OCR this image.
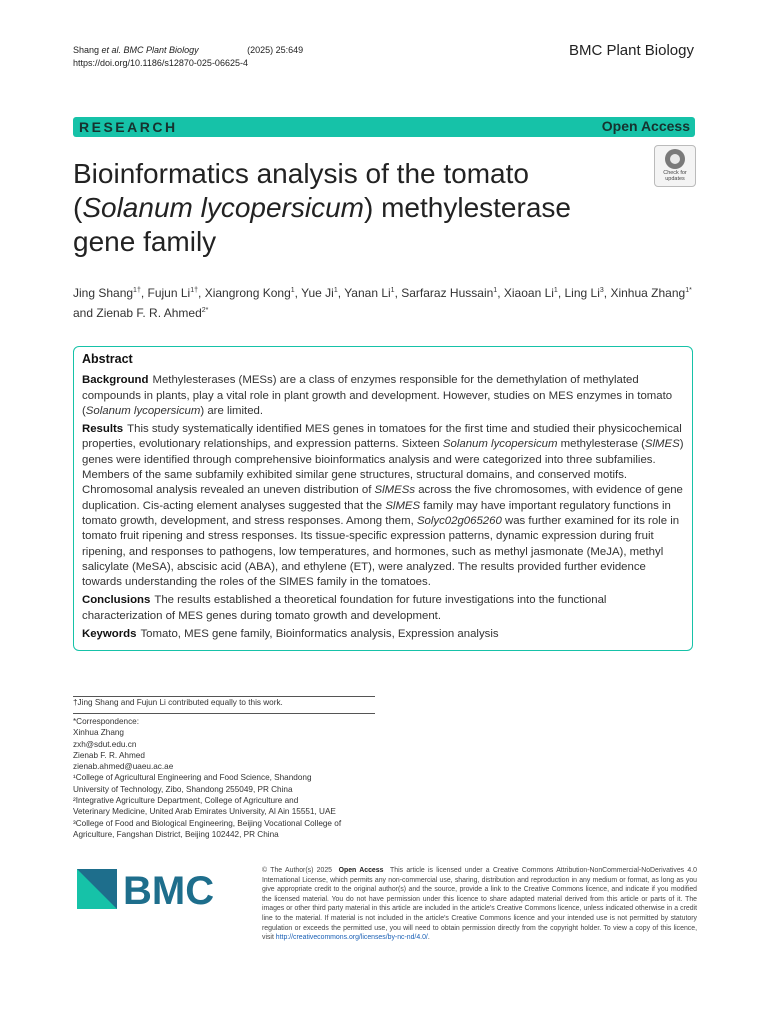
Shang et al. BMC Plant Biology	(2025) 25:649
https://doi.org/10.1186/s12870-025-06625-4
BMC Plant Biology
RESEARCH	Open Access
Bioinformatics analysis of the tomato (Solanum lycopersicum) methylesterase gene family
Check for updates
Jing Shang$^{1\dagger}$, Fujun $Li^{1\dagger}$, Xiangrong Kong$^1$, Yue Ji$^1$, Yanan Li$^1$, Sarfaraz Hussain$^1$, Xiaoan Li$^1$, Ling Li$^3$, Xinhua Zhang$^{1*}$
and Zienab F. R. Ahmed$^{2*}$
Abstract

Background Methylesterases (MESs) are a class of enzymes responsible for the demethylation of methylated compounds in plants, play a vital role in plant growth and development. However, studies on MES enzymes in tomato (Solanum lycopersicum) are limited.

Results This study systematically identified MES genes in tomatoes for the first time and studied their physicochemical properties, evolutionary relationships, and expression patterns. Sixteen Solanum lycopersicum methylesterase (SlMES) genes were identified through comprehensive bioinformatics analysis and were categorized into three subfamilies. Members of the same subfamily exhibited similar gene structures, structural domains, and conserved motifs. Chromosomal analysis revealed an uneven distribution of SlMESs across the five chromosomes, with evidence of gene duplication. Cis-acting element analyses suggested that the SlMES family may have important regulatory functions in tomato growth, development, and stress responses. Among them, Solyc02g065260 was further examined for its role in tomato fruit ripening and stress responses. Its tissue-specific expression patterns, dynamic expression during fruit ripening, and responses to pathogens, low temperatures, and hormones, such as methyl jasmonate (MeJA), methyl salicylate (MeSA), abscisic acid (ABA), and ethylene (ET), were analyzed. The results provided further evidence towards understanding the roles of the SlMES family in the tomatoes.

Conclusions The results established a theoretical foundation for future investigations into the functional characterization of MES genes during tomato growth and development.

Keywords Tomato, MES gene family, Bioinformatics analysis, Expression analysis

†Jing Shang and Fujun Li contributed equally to this work.
*Correspondence:
Xinhua Zhang
zxh@sdut.edu.cn
Zienab F. R. Ahmed
zienab.ahmed@uaeu.ac.ae
¹College of Agricultural Engineering and Food Science, Shandong
University of Technology, Zibo, Shandong 255049, PR China
²Integrative Agriculture Department, College of Agriculture and
Veterinary Medicine, United Arab Emirates University, Al Ain 15551, UAE
³College of Food and Biological Engineering, Beijing Vocational College of
Agriculture, Fangshan District, Beijing 102442, PR China
BMC	© The Author(s) 2025 Open Access This article is licensed under a Creative Commons Attribution-NonCommercial-NoDerivatives 4.0 International License, which permits any non-commercial use, sharing, distribution and reproduction in any medium or format, as long as you give appropriate credit to the original author(s) and the source, provide a link to the Creative Commons licence, and indicate if you modified the licensed material. You do not have permission under this licence to share adapted material derived from this article or parts of it. The images or other third party material in this article are included in the article's Creative Commons licence, unless indicated otherwise in a credit line to the material. If material is not included in the article's Creative Commons licence and your intended use is not permitted by statutory regulation or exceeds the permitted use, you will need to obtain permission directly from the copyright holder. To view a copy of this licence, visit http://creativecommons.org/licenses/by-nc-nd/4.0/.
